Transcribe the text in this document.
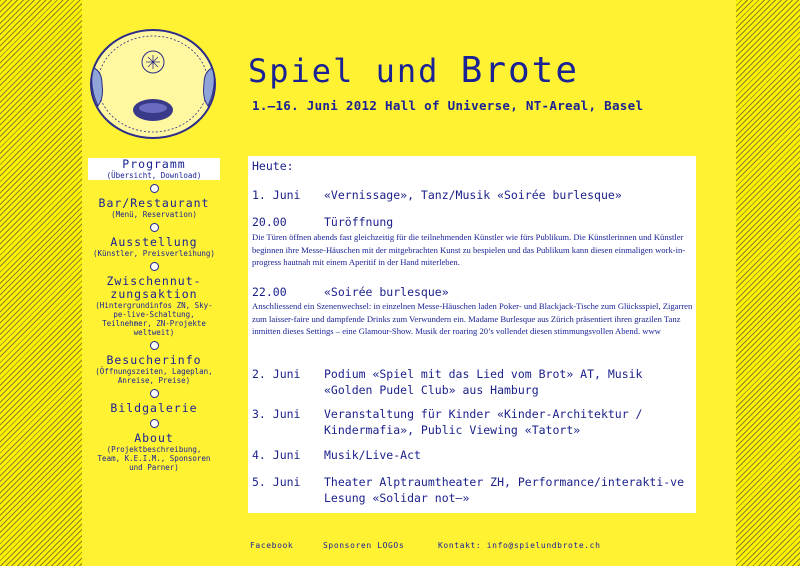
Spiel und Brote
1.–16. Juni 2012 Hall of Universe, NT-Areal, Basel
Programm
(Übersicht, Download)
Bar/Restaurant
(Menü, Reservation)
Ausstellung
(Künstler, Preisverleihung)
Zwischennut-
zungsaktion
(Hintergrundinfos ZN, Sky-
pe-live-Schaltung,
Teilnehmer, ZN-Projekte
weltweit)
Besucherinfo
(Öffnungszeiten, Lageplan,
Anreise, Preise)
Bildgalerie
About
(Projektbeschreibung,
Team, K.E.I.M., Sponsoren
und Parner)
Heute:
1. Juni «Vernissage», Tanz/Musik «Soirée burlesque»
20.00	Türöffnung
Die Türen öffnen abends fast gleichzeitig für die teilnehmenden Künstler wie fürs Publikum. Die Künstlerinnen und Künstler beginnen ihre Messe-Häuschen mit der mitgebrachten Kunst zu bespielen und das Publikum kann diesen einmaligen work-in-progress hautnah mit einem Aperitif in der Hand miterleben.
22.00	«Soirée burlesque»
Anschliessend ein Szenenwechsel: in einzelnen Messe-Häuschen laden Poker- und Blackjack-Tische zum Glücksspiel, Zigarren zum laisser-faire und dampfende Drinks zum Verwundern ein. Madame Burlesque aus Zürich präsentiert ihren grazilen Tanz inmitten dieses Settings – eine Glamour-Show. Musik der roaring 20’s vollendet diesen stimmungsvollen Abend. www
2. Juni Podium «Spiel mit das Lied vom Brot» AT, Musik «Golden Pudel Club» aus Hamburg
3. Juni Veranstaltung für Kinder «Kinder-Architektur / Kindermafia», Public Viewing «Tatort»
4. Juni Musik/Live-Act
5. Juni Theater Alptraumtheater ZH, Performance/interakti-ve Lesung «Solidar not—»
Facebook	Sponsoren LOGOs	Kontakt: info@spielundbrote.ch
